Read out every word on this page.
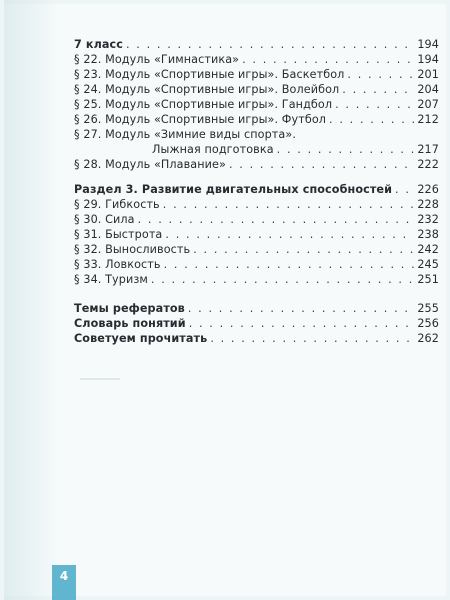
7 класс . . .	194
§ 22. Модуль «Гимнастика» . . .	194
§ 23. Модуль «Спортивные игры». Баскетбол . . .	201
§ 24. Модуль «Спортивные игры». Волейбол . . .	204
§ 25. Модуль «Спортивные игры». Гандбол . . .	207
§ 26. Модуль «Спортивные игры». Футбол . . .	212
§ 27. Модуль «Зимние виды спорта».
Лыжная подготовка . . .	217
§ 28. Модуль «Плавание» . . .	222
Раздел 3. Развитие двигательных способностей . . . 226
§ 29. Гибкость . . .	228
§ 30. Сила . . .	232
§ 31. Быстрота . . .	238
§ 32. Выносливость . . .	242
§ 33. Ловкость . . .	245
§ 34. Туризм . . .	251
Темы рефератов . . .	255
Словарь понятий . . .	256
Советуем прочитать . . .	262
4
